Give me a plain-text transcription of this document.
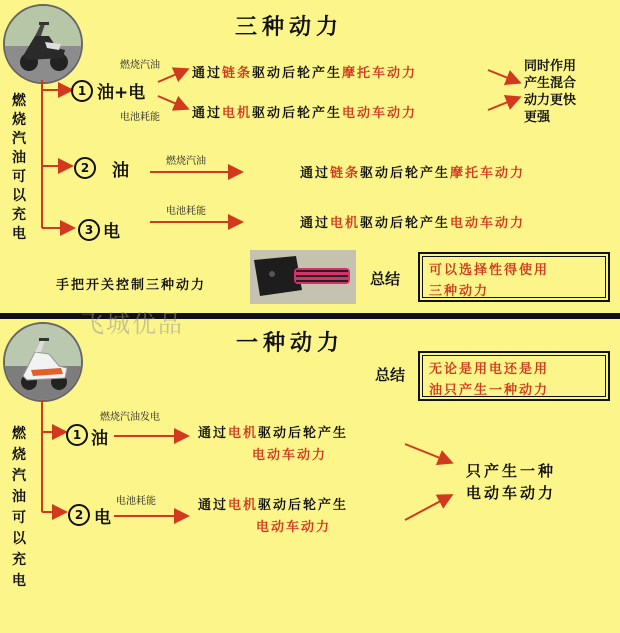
三种动力
燃
烧
汽
油
可
以
充
电
1 油+电
燃烧汽油
电池耗能
通过链条驱动后轮产生摩托车动力
通过电机驱动后轮产生电动车动力
同时作用
产生混合
动力更快
更强
2	油	燃烧汽油
通过链条驱动后轮产生摩托车动力
3 电
电池耗能
通过电机驱动后轮产生电动车动力
手把开关控制三种动力	总结 可以选择性得使用
三种动力
飞城优品
一种动力
总结 无论是用电还是用
油只产生一种动力
燃
烧
汽
油
可
以
充
电
1 油
燃烧汽油发电
通过电机驱动后轮产生
电动车动力
2 电
电池耗能	通过电机驱动后轮产生
电动车动力
只产生一种
电动车动力
